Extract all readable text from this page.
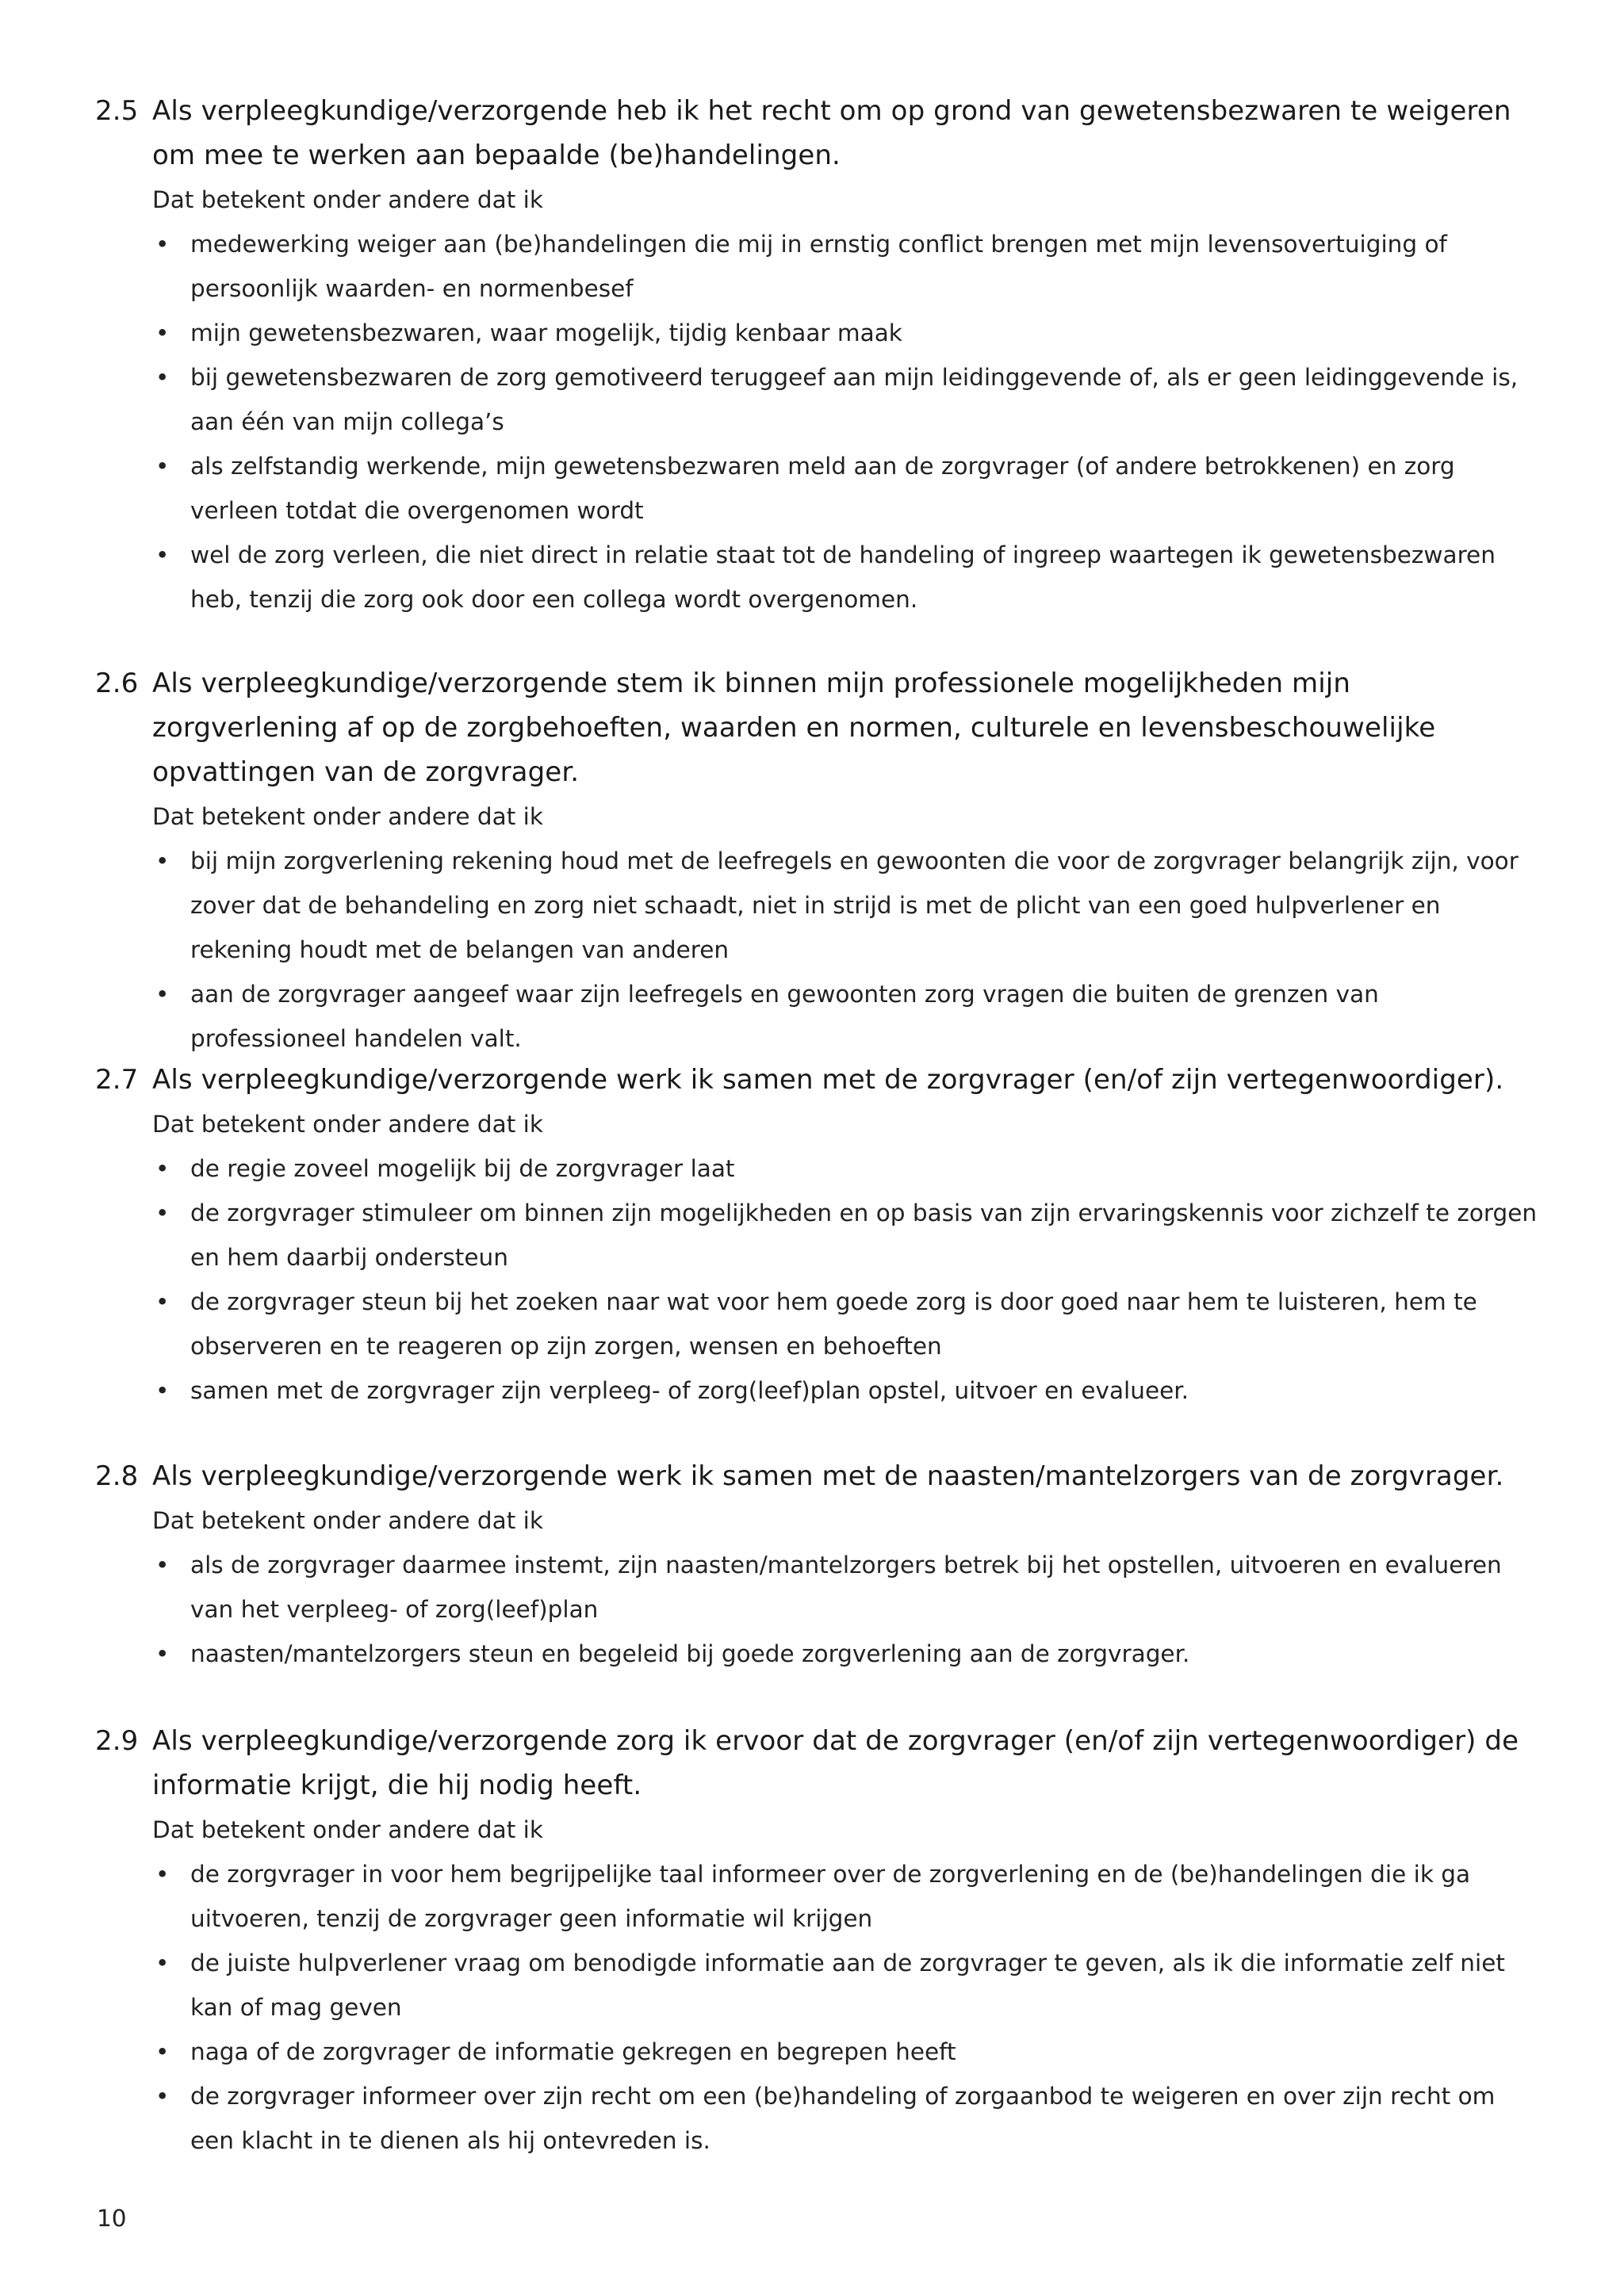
2.5 Als verpleegkundige/verzorgende heb ik het recht om op grond van gewetensbezwaren te weigeren om mee te werken aan bepaalde (be)handelingen.
Dat betekent onder andere dat ik
• medewerking weiger aan (be)handelingen die mij in ernstig conflict brengen met mijn levensovertuiging of persoonlijk waarden- en normenbesef
• mijn gewetensbezwaren, waar mogelijk, tijdig kenbaar maak
• bij gewetensbezwaren de zorg gemotiveerd teruggeef aan mijn leidinggevende of, als er geen leidinggevende is, aan één van mijn collega’s
• als zelfstandig werkende, mijn gewetensbezwaren meld aan de zorgvrager (of andere betrokkenen) en zorg verleen totdat die overgenomen wordt
• wel de zorg verleen, die niet direct in relatie staat tot de handeling of ingreep waartegen ik gewetensbezwaren heb, tenzij die zorg ook door een collega wordt overgenomen.
2.6 Als verpleegkundige/verzorgende stem ik binnen mijn professionele mogelijkheden mijn zorgverlening af op de zorgbehoeften, waarden en normen, culturele en levensbeschouwelijke opvattingen van de zorgvrager.
Dat betekent onder andere dat ik
• bij mijn zorgverlening rekening houd met de leefregels en gewoonten die voor de zorgvrager belangrijk zijn, voor zover dat de behandeling en zorg niet schaadt, niet in strijd is met de plicht van een goed hulpverlener en rekening houdt met de belangen van anderen
• aan de zorgvrager aangeef waar zijn leefregels en gewoonten zorg vragen die buiten de grenzen van professioneel handelen valt.
2.7 Als verpleegkundige/verzorgende werk ik samen met de zorgvrager (en/of zijn vertegenwoordiger).
Dat betekent onder andere dat ik
• de regie zoveel mogelijk bij de zorgvrager laat
• de zorgvrager stimuleer om binnen zijn mogelijkheden en op basis van zijn ervaringskennis voor zichzelf te zorgen en hem daarbij ondersteun
• de zorgvrager steun bij het zoeken naar wat voor hem goede zorg is door goed naar hem te luisteren, hem te observeren en te reageren op zijn zorgen, wensen en behoeften
• samen met de zorgvrager zijn verpleeg- of zorg(leef)plan opstel, uitvoer en evalueer.
2.8 Als verpleegkundige/verzorgende werk ik samen met de naasten/mantelzorgers van de zorgvrager.
Dat betekent onder andere dat ik
• als de zorgvrager daarmee instemt, zijn naasten/mantelzorgers betrek bij het opstellen, uitvoeren en evalueren van het verpleeg- of zorg(leef)plan
• naasten/mantelzorgers steun en begeleid bij goede zorgverlening aan de zorgvrager.
2.9 Als verpleegkundige/verzorgende zorg ik ervoor dat de zorgvrager (en/of zijn vertegenwoordiger) de informatie krijgt, die hij nodig heeft.
Dat betekent onder andere dat ik
• de zorgvrager in voor hem begrijpelijke taal informeer over de zorgverlening en de (be)handelingen die ik ga uitvoeren, tenzij de zorgvrager geen informatie wil krijgen
• de juiste hulpverlener vraag om benodigde informatie aan de zorgvrager te geven, als ik die informatie zelf niet kan of mag geven
• naga of de zorgvrager de informatie gekregen en begrepen heeft
• de zorgvrager informeer over zijn recht om een (be)handeling of zorgaanbod te weigeren en over zijn recht om een klacht in te dienen als hij ontevreden is.
10
